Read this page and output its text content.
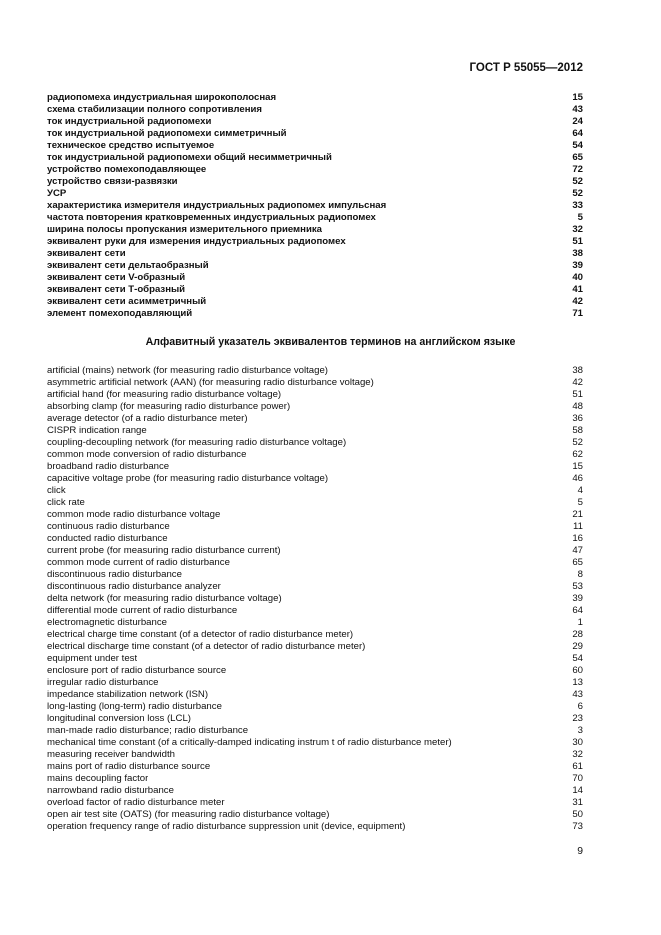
ГОСТ Р 55055—2012
радиопомеха индустриальная широкополосная	15
схема стабилизации полного сопротивления	43
ток индустриальной радиопомехи	24
ток индустриальной радиопомехи симметричный	64
техническое средство испытуемое	54
ток индустриальной радиопомехи общий несимметричный	65
устройство помехоподавляющее	72
устройство связи-развязки	52
УСР	52
характеристика измерителя индустриальных радиопомех импульсная	33
частота повторения кратковременных индустриальных радиопомех	5
ширина полосы пропускания измерительного приемника	32
эквивалент руки для измерения индустриальных радиопомех	51
эквивалент сети	38
эквивалент сети дельтаобразный	39
эквивалент сети V-образный	40
эквивалент сети Т-образный	41
эквивалент сети асимметричный	42
элемент помехоподавляющий	71
Алфавитный указатель эквивалентов терминов на английском языке
artificial (mains) network (for measuring radio disturbance voltage)	38
asymmetric artificial network (AAN) (for measuring radio disturbance voltage)	42
artificial hand (for measuring radio disturbance voltage)	51
absorbing clamp (for measuring radio disturbance power)	48
average detector (of a radio disturbance meter)	36
CISPR indication range	58
coupling-decoupling network (for measuring radio disturbance voltage)	52
common mode conversion of radio disturbance	62
broadband radio disturbance	15
capacitive voltage probe (for measuring radio disturbance voltage)	46
click	4
click rate	5
common mode radio disturbance voltage	21
continuous radio disturbance	11
conducted radio disturbance	16
current probe (for measuring radio disturbance current)	47
common mode current of radio disturbance	65
discontinuous radio disturbance	8
discontinuous radio disturbance analyzer	53
delta network (for measuring radio disturbance voltage)	39
differential mode current of radio disturbance	64
electromagnetic disturbance	1
electrical charge time constant (of a detector of radio disturbance meter)	28
electrical discharge time constant (of a detector of radio disturbance meter)	29
equipment under test	54
enclosure port of radio disturbance source	60
irregular radio disturbance	13
impedance stabilization network (ISN)	43
long-lasting (long-term) radio disturbance	6
longitudinal conversion loss (LCL)	23
man-made radio disturbance; radio disturbance	3
mechanical time constant (of a critically-damped indicating instrum t of radio disturbance meter)	30
measuring receiver bandwidth	32
mains port of radio disturbance source	61
mains decoupling factor	70
narrowband radio disturbance	14
overload factor of radio disturbance meter	31
open air test site (OATS) (for measuring radio disturbance voltage)	50
operation frequency range of radio disturbance suppression unit (device, equipment)	73
9
